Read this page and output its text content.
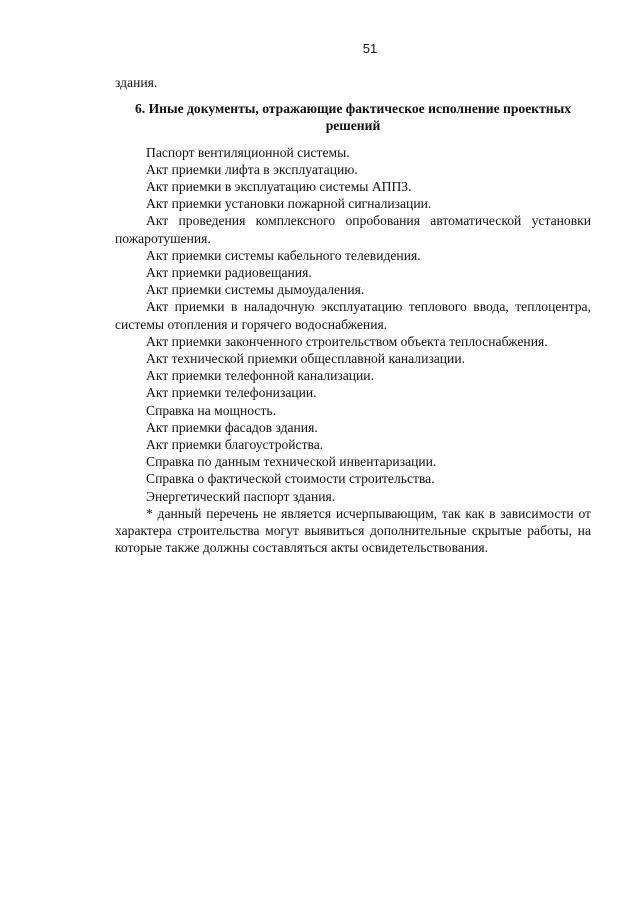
51

здания.

6. Иные документы, отражающие фактическое исполнение проектных решений

Паспорт вентиляционной системы.

Акт приемки лифта в эксплуатацию.

Акт приемки в эксплуатацию системы АППЗ.

Акт приемки установки пожарной сигнализации.

Акт проведения комплексного опробования автоматической установки пожаротушения.

Акт приемки системы кабельного телевидения.

Акт приемки радиовещания.

Акт приемки системы дымоудаления.

Акт приемки в наладочную эксплуатацию теплового ввода, теплоцентра, системы отопления и горячего водоснабжения.

Акт приемки законченного строительством объекта теплоснабжения.

Акт технической приемки общесплавной канализации.

Акт приемки телефонной канализации.

Акт приемки телефонизации.

Справка на мощность.

Акт приемки фасадов здания.

Акт приемки благоустройства.

Справка по данным технической инвентаризации.

Справка о фактической стоимости строительства.

Энергетический паспорт здания.

* данный перечень не является исчерпывающим, так как в зависимости от характера строительства могут выявиться дополнительные скрытые работы, на которые также должны составляться акты освидетельствования.
